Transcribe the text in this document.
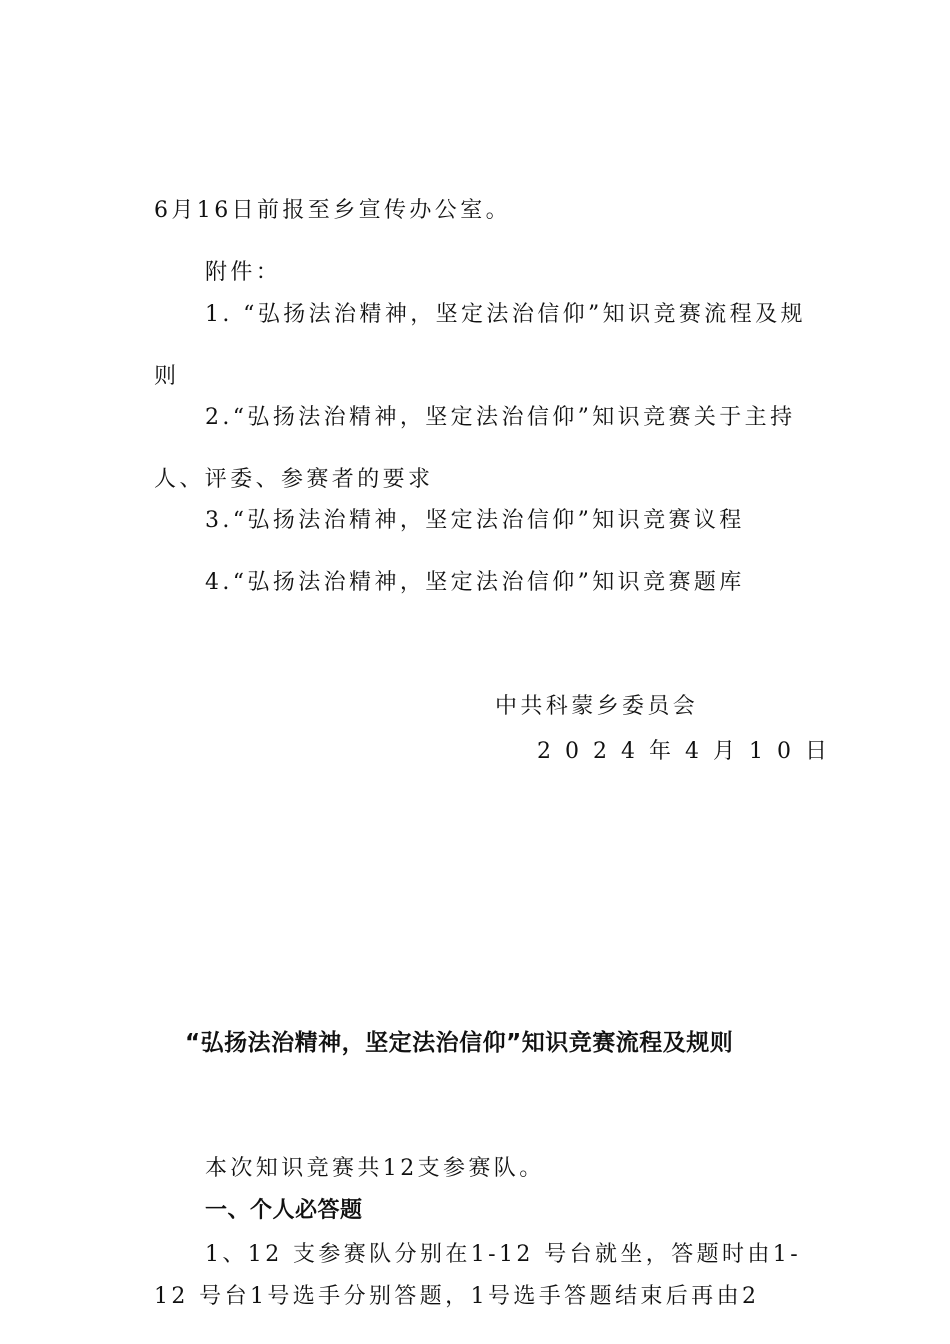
6月16日前报至乡宣传办公室。
附件：
1. “弘扬法治精神，坚定法治信仰”知识竞赛流程及规
则
2.“弘扬法治精神，坚定法治信仰”知识竞赛关于主持
人、评委、参赛者的要求
3.“弘扬法治精神，坚定法治信仰”知识竞赛议程
4.“弘扬法治精神，坚定法治信仰”知识竞赛题库
中共科蒙乡委员会
2024年4月10日
“弘扬法治精神，坚定法治信仰”知识竞赛流程及规则
本次知识竞赛共12支参赛队。
一、个人必答题
1、12 支参赛队分别在1-12 号台就坐，答题时由1-
12 号台1号选手分别答题，1号选手答题结束后再由2
